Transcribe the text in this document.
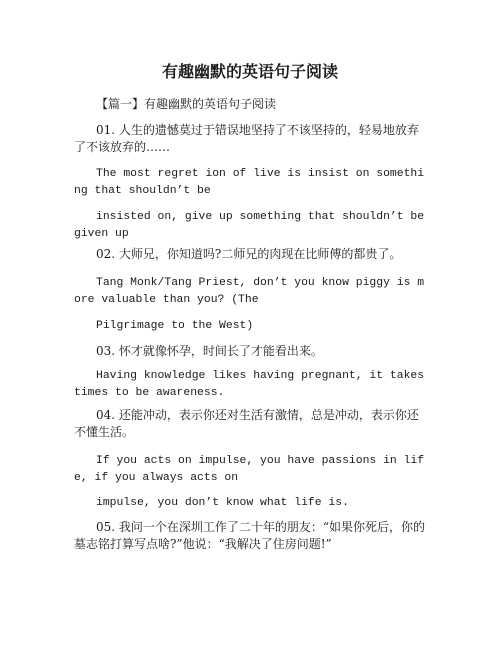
有趣幽默的英语句子阅读

【篇一】有趣幽默的英语句子阅读

01. 人生的遗憾莫过于错误地坚持了不该坚持的，轻易地放弃了不该放弃的……

The most regret ion of live is insist on something that shouldn’t be

insisted on, give up something that shouldn’t be given up

02. 大师兄，你知道吗?二师兄的肉现在比师傅的都贵了。

Tang Monk/Tang Priest, don’t you know piggy is more valuable than you? (The

Pilgrimage to the West)

03. 怀才就像怀孕，时间长了才能看出来。

Having knowledge likes having pregnant, it takes times to be awareness.

04. 还能冲动，表示你还对生活有激情，总是冲动，表示你还不懂生活。

If you acts on impulse, you have passions in life, if you always acts on

impulse, you don’t know what life is.

05. 我问一个在深圳工作了二十年的朋友：“如果你死后，你的墓志铭打算写点啥?”他说：“我解决了住房问题!”
